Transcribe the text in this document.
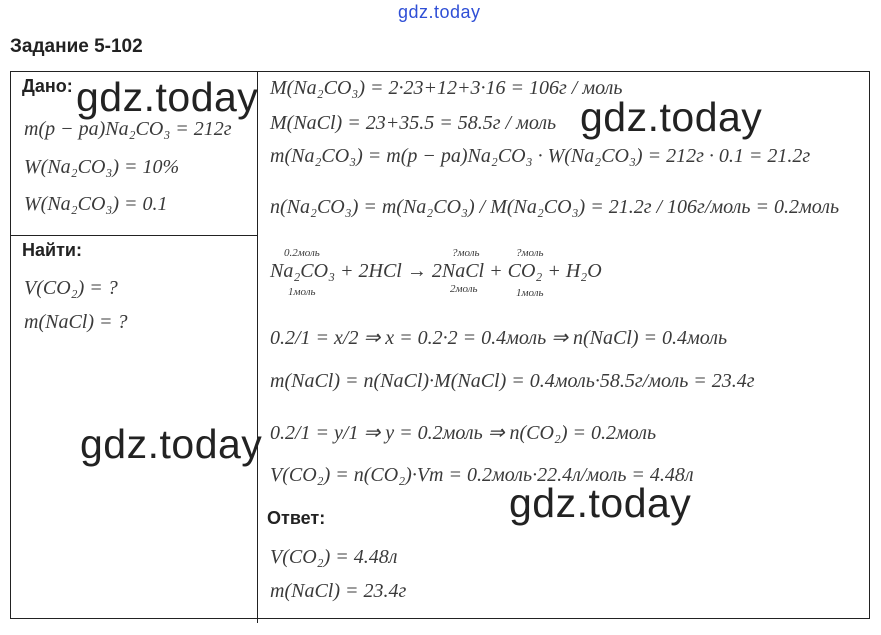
gdz.today
Задание 5-102
Дано:
m(p − pa)Na₂CO₃ = 212г
W(Na₂CO₃) = 10%
W(Na₂CO₃) = 0.1
Найти:
V(CO₂) = ?
m(NaCl) = ?
M(Na₂CO₃) = 2·23+12+3·16 = 106г / моль
M(NaCl) = 23+35.5 = 58.5г / моль
m(Na₂CO₃) = m(p − pa)Na₂CO₃ · W(Na₂CO₃) = 212г · 0.1 = 21.2г
n(Na₂CO₃) = m(Na₂CO₃) / M(Na₂CO₃) = 21.2г / 106г/моль = 0.2моль
0.2моль	?моль	?моль
Na₂CO₃ + 2HCl → 2NaCl + CO₂ + H₂O
1моль	2моль	1моль
0.2/1 = x/2 ⇒ x = 0.2·2 = 0.4моль ⇒ n(NaCl) = 0.4моль
m(NaCl) = n(NaCl)·M(NaCl) = 0.4моль·58.5г/моль = 23.4г
0.2/1 = y/1 ⇒ y = 0.2моль ⇒ n(CO₂) = 0.2моль
V(CO₂) = n(CO₂)·Vm = 0.2моль·22.4л/моль = 4.48л
Ответ:
V(CO₂) = 4.48л
m(NaCl) = 23.4г
gdz.today	gdz.today
gdz.today
gdz.today
